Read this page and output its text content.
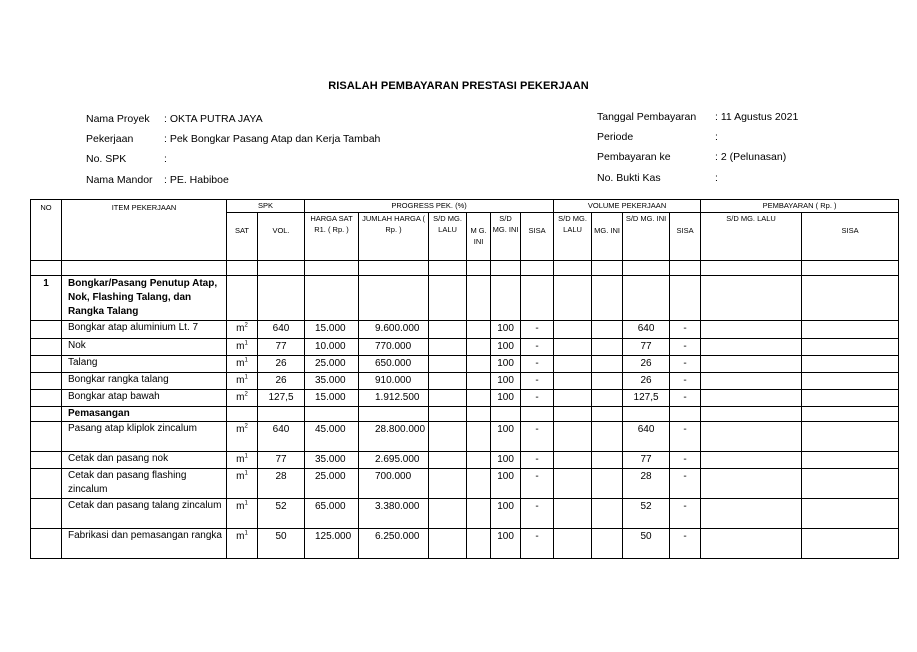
RISALAH PEMBAYARAN PRESTASI PEKERJAAN
Nama Proyek : OKTA PUTRA JAYA
Pekerjaan	: Pek Bongkar Pasang Atap dan Kerja Tambah
No. SPK	:
Nama Mandor : PE. Habiboe
Tanggal Pembayaran : 11 Agustus 2021
Periode	:
Pembayaran ke	: 2 (Pelunasan)
No. Bukti Kas	:
NO	ITEM PEKERJAAN	SPK		PROGRESS PEK. (%)						VOLUME PEKERJAAN				PEMBAYARAN ( Rp. )	
		SAT	VOL.	HARGA SAT R1. ( Rp. )	JUMLAH HARGA ( Rp. )	S/D MG. LALU	M G. INI	S/D MG. INI	SISA	S/D MG. LALU	MG. INI	S/D MG. INI	SISA	S/D MG. LALU	SISA

1	Bongkar/Pasang Penutup Atap, Nok, Flashing Talang, dan Rangka Talang														
	Bongkar atap aluminium Lt. 7	$m^2$	640	15.000	9.600.000			100	-			640	-		
	Nok	$m^1$	77	10.000	770.000			100	-			77	-		
	Talang	$m^1$	26	25.000	650.000			100	-			26	-		
	Bongkar rangka talang	$m^1$	26	35.000	910.000			100	-			26	-		
	Bongkar atap bawah	$m^2$	127,5	15.000	1.912.500			100	-			127,5	-		
	Pemasangan														
	Pasang atap kliplok zincalum	$m^2$	640	45.000	28.800.000			100	-			640	-		
	Cetak dan pasang nok	$m^1$	77	35.000	2.695.000			100	-			77	-		
	Cetak dan pasang flashing zincalum	$m^1$	28	25.000	700.000			100	-			28	-		
	Cetak dan pasang talang zincalum	$m^1$	52	65.000	3.380.000			100	-			52	-		
	Fabrikasi dan pemasangan rangka	$m^1$	50	125.000	6.250.000			100	-			50	-		
